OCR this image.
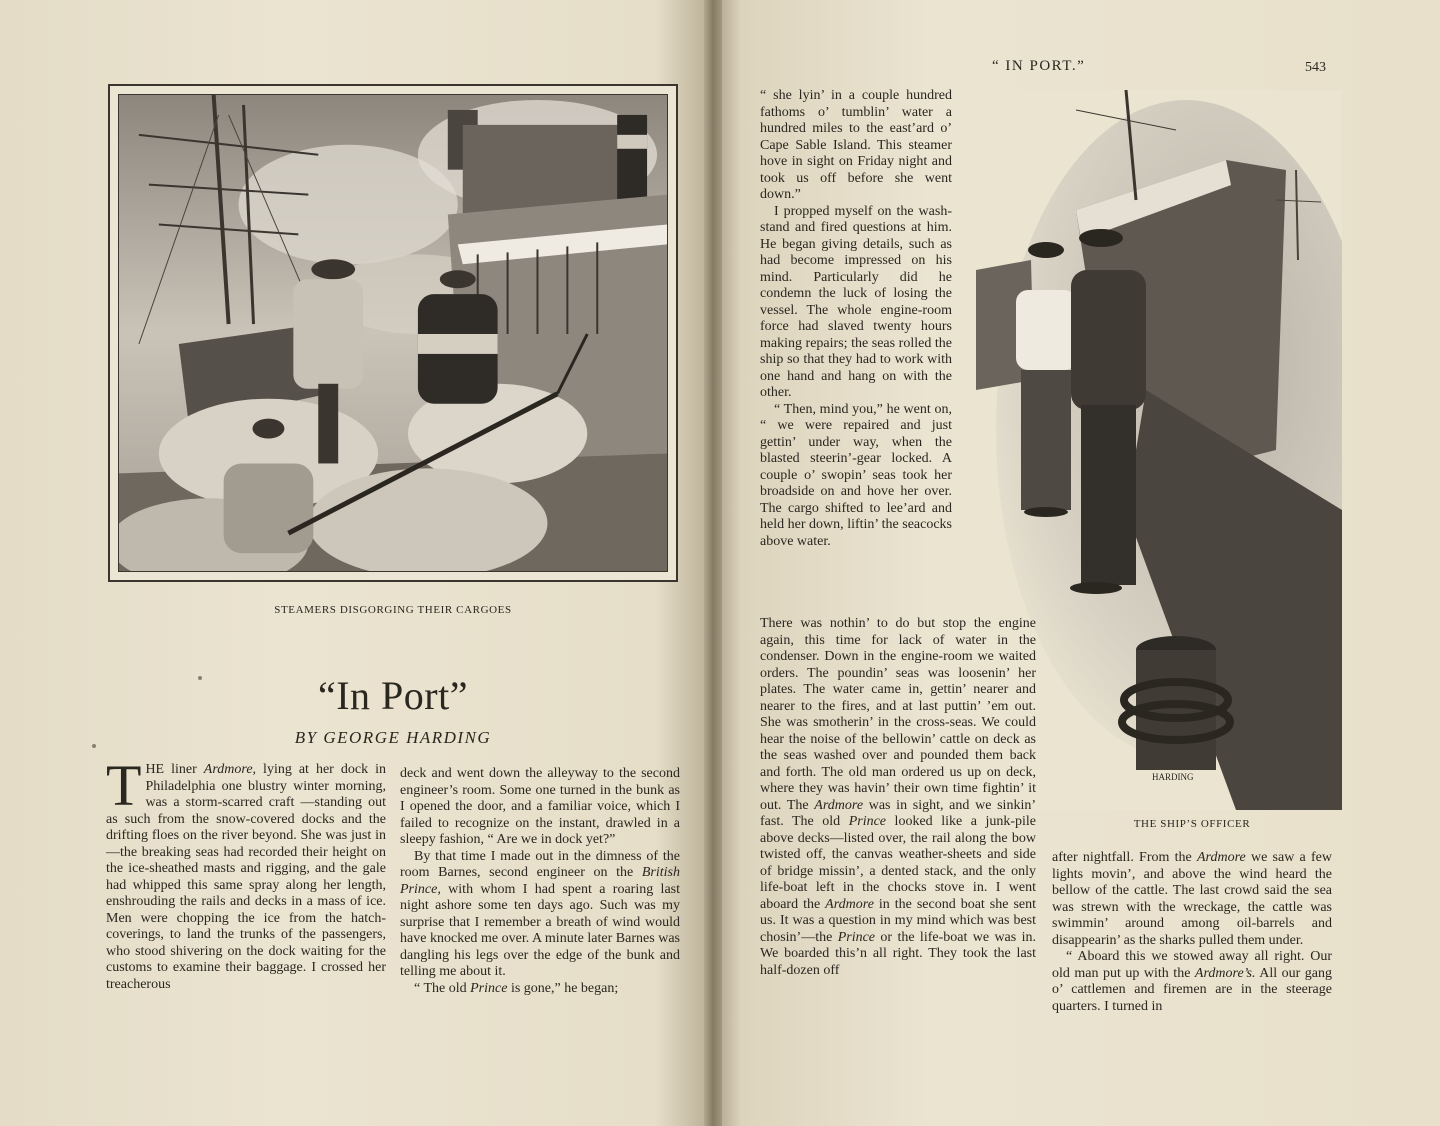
STEAMERS DISGORGING THEIR CARGOES
“In Port”
BY GEORGE HARDING

THE liner Ardmore, lying at her dock in Philadelphia one blustry winter morning, was a storm-scarred craft —standing out as such from the snow-covered docks and the drifting floes on the river beyond. She was just in—the breaking seas had recorded their height on the ice-sheathed masts and rigging, and the gale had whipped this same spray along her length, enshrouding the rails and decks in a mass of ice. Men were chopping the ice from the hatch-coverings, to land the trunks of the passengers, who stood shivering on the dock waiting for the customs to examine their baggage. I crossed her treacherous

deck and went down the alleyway to the second engineer’s room. Some one turned in the bunk as I opened the door, and a familiar voice, which I failed to recognize on the instant, drawled in a sleepy fashion, “ Are we in dock yet?”

By that time I made out in the dimness of the room Barnes, second engineer on the British Prince, with whom I had spent a roaring last night ashore some ten days ago. Such was my surprise that I remember a breath of wind would have knocked me over. A minute later Barnes was dangling his legs over the edge of the bunk and telling me about it.

“ The old Prince is gone,” he began;

“ IN PORT.”	543
HARDING
THE SHIP’S OFFICER

“ she lyin’ in a couple hundred fathoms o’ tumblin’ water a hundred miles to the east’ard o’ Cape Sable Island. This steamer hove in sight on Friday night and took us off before she went down.”

I propped myself on the wash-stand and fired questions at him. He began giving details, such as had become impressed on his mind. Particularly did he condemn the luck of losing the vessel. The whole engine-room force had slaved twenty hours making repairs; the seas rolled the ship so that they had to work with one hand and hang on with the other.

“ Then, mind you,” he went on, “ we were repaired and just gettin’ under way, when the blasted steerin’-gear locked. A couple o’ swopin’ seas took her broadside on and hove her over. The cargo shifted to lee’ard and held her down, liftin’ the seacocks above water.

There was nothin’ to do but stop the engine again, this time for lack of water in the condenser. Down in the engine-room we waited orders. The poundin’ seas was loosenin’ her plates. The water came in, gettin’ nearer and nearer to the fires, and at last puttin’ ’em out. She was smotherin’ in the cross-seas. We could hear the noise of the bellowin’ cattle on deck as the seas washed over and pounded them back and forth. The old man ordered us up on deck, where they was havin’ their own time fightin’ it out. The Ardmore was in sight, and we sinkin’ fast. The old Prince looked like a junk-pile above decks—listed over, the rail along the bow twisted off, the canvas weather-sheets and side of bridge missin’, a dented stack, and the only life-boat left in the chocks stove in. I went aboard the Ardmore in the second boat she sent us. It was a question in my mind which was best chosin’—the Prince or the life-boat we was in. We boarded this’n all right. They took the last half-dozen off

after nightfall. From the Ardmore we saw a few lights movin’, and above the wind heard the bellow of the cattle. The last crowd said the sea was strewn with the wreckage, the cattle was swimmin’ around among oil-barrels and disappearin’ as the sharks pulled them under.

“ Aboard this we stowed away all right. Our old man put up with the Ardmore’s. All our gang o’ cattlemen and firemen are in the steerage quarters. I turned in
